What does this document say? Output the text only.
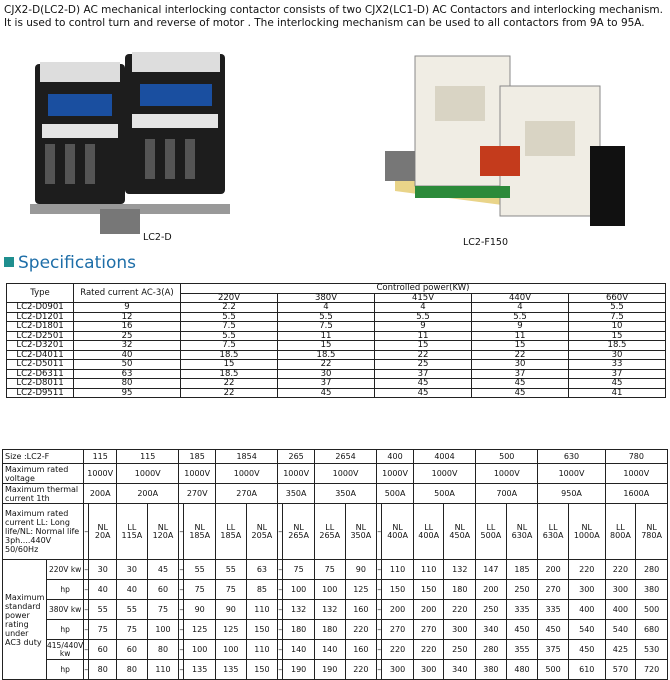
CJX2-D(LC2-D) AC mechanical interlocking contactor consists of two CJX2(LC1-D) AC Contactors and interlocking mechanism.
It is used to control turn and reverse of motor . The interlocking mechanism can be used to all contactors from 9A to 95A.
LC2-D	LC2-F150
Specifications
Type	Rated current AC-3(A)	Controlled power(KW)				
		220V	380V	415V	440V	660V
LC2-D0901	9	2.2	4	4	4	5.5
LC2-D1201	12	5.5	5.5	5.5	5.5	7.5
LC2-D1801	16	7.5	7.5	9	9	10
LC2-D2501	25	5.5	11	11	11	15
LC2-D3201	32	7.5	15	15	15	18.5
LC2-D4011	40	18.5	18.5	22	22	30
LC2-D5011	50	15	22	25	30	33
LC2-D6311	63	18.5	30	37	37	37
LC2-D8011	80	22	37	45	45	45
LC2-D9511	95	22	45	45	45	41
Size :LC2-F		115		115		185		1854		265		2654		400		4004		500		630		780	
Maximum rated voltage		1000V		1000V		1000V		1000V		1000V		1000V		1000V		1000V		1000V		1000V		1000V	
Maximum thermal current 1th		200A		200A		270V		270A		350A		350A		500A		500A		700A		950A		1600A	
Maximum rated current LL: Long life/NL: Normal life 3ph....440V 50/60Hz		–	NL 20A	LL 115A	NL 120A	–	NL 185A	LL 185A	NL 205A	–	NL 265A	LL 265A	NL 350A	–	NL 400A	LL 400A	NL 450A	LL 500A	NL 630A	LL 630A	NL 1000A	LL 800A	NL 780A
Maximum standard power rating under AC3 duty	220V kw	–	30	30	45	–	55	55	63	–	75	75	90	–	110	110	132	147	185	200	220	220	280
	hp	–	40	40	60	–	75	75	85	–	100	100	125	–	150	150	180	200	250	270	300	300	380
	380V kw	–	55	55	75	–	90	90	110	–	132	132	160	–	200	200	220	250	335	335	400	400	500
	hp	–	75	75	100	–	125	125	150	–	180	180	220	–	270	270	300	340	450	450	540	540	680
	415/440V kw	–	60	60	80	–	100	100	110	–	140	140	160	–	220	220	250	280	355	375	450	425	530
	hp	–	80	80	110	–	135	135	150	–	190	190	220	–	300	300	340	380	480	500	610	570	720
